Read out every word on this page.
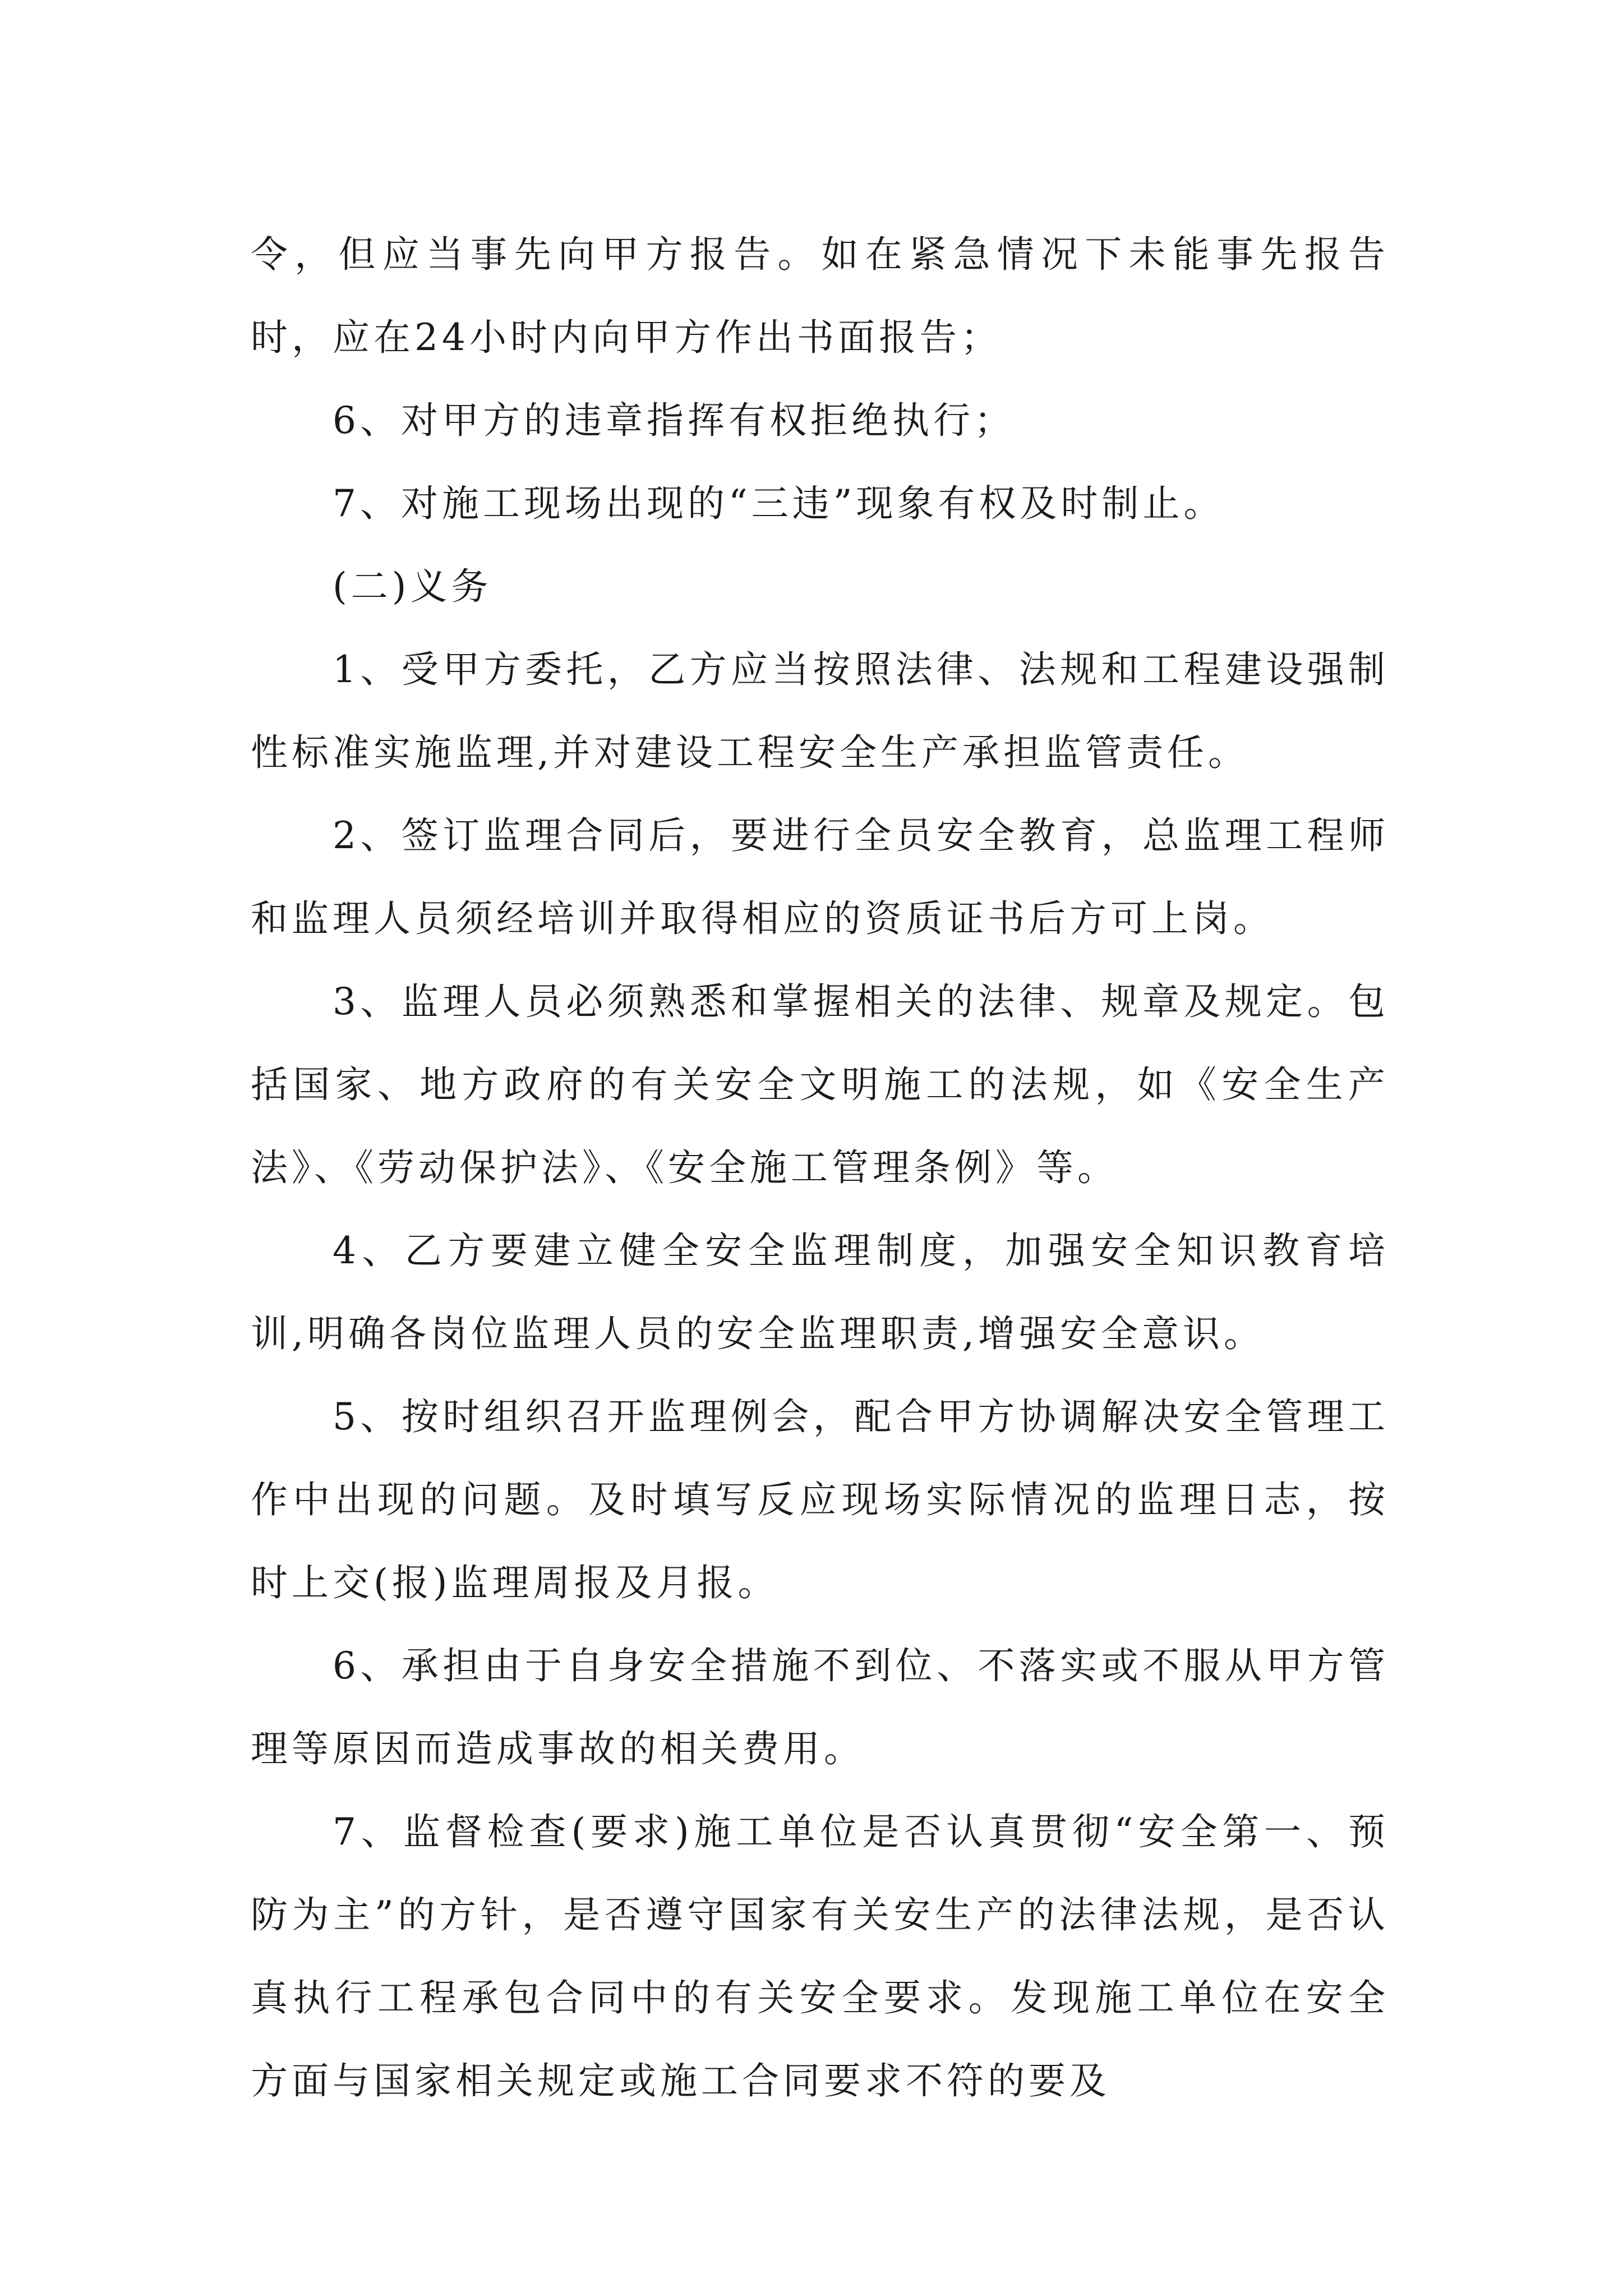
令，但应当事先向甲方报告。如在紧急情况下未能事先报告时，应在24小时内向甲方作出书面报告；

6、对甲方的违章指挥有权拒绝执行；

7、对施工现场出现的“三违”现象有权及时制止。

(二)义务

1、受甲方委托，乙方应当按照法律、法规和工程建设强制性标准实施监理,并对建设工程安全生产承担监管责任。

2、签订监理合同后，要进行全员安全教育，总监理工程师和监理人员须经培训并取得相应的资质证书后方可上岗。

3、监理人员必须熟悉和掌握相关的法律、规章及规定。包括国家、地方政府的有关安全文明施工的法规，如《安全生产法》、《劳动保护法》、《安全施工管理条例》等。

4、乙方要建立健全安全监理制度，加强安全知识教育培训,明确各岗位监理人员的安全监理职责,增强安全意识。

5、按时组织召开监理例会，配合甲方协调解决安全管理工作中出现的问题。及时填写反应现场实际情况的监理日志，按时上交(报)监理周报及月报。

6、承担由于自身安全措施不到位、不落实或不服从甲方管理等原因而造成事故的相关费用。

7、监督检查(要求)施工单位是否认真贯彻“安全第一、预防为主”的方针，是否遵守国家有关安生产的法律法规，是否认真执行工程承包合同中的有关安全要求。发现施工单位在安全方面与国家相关规定或施工合同要求不符的要及
